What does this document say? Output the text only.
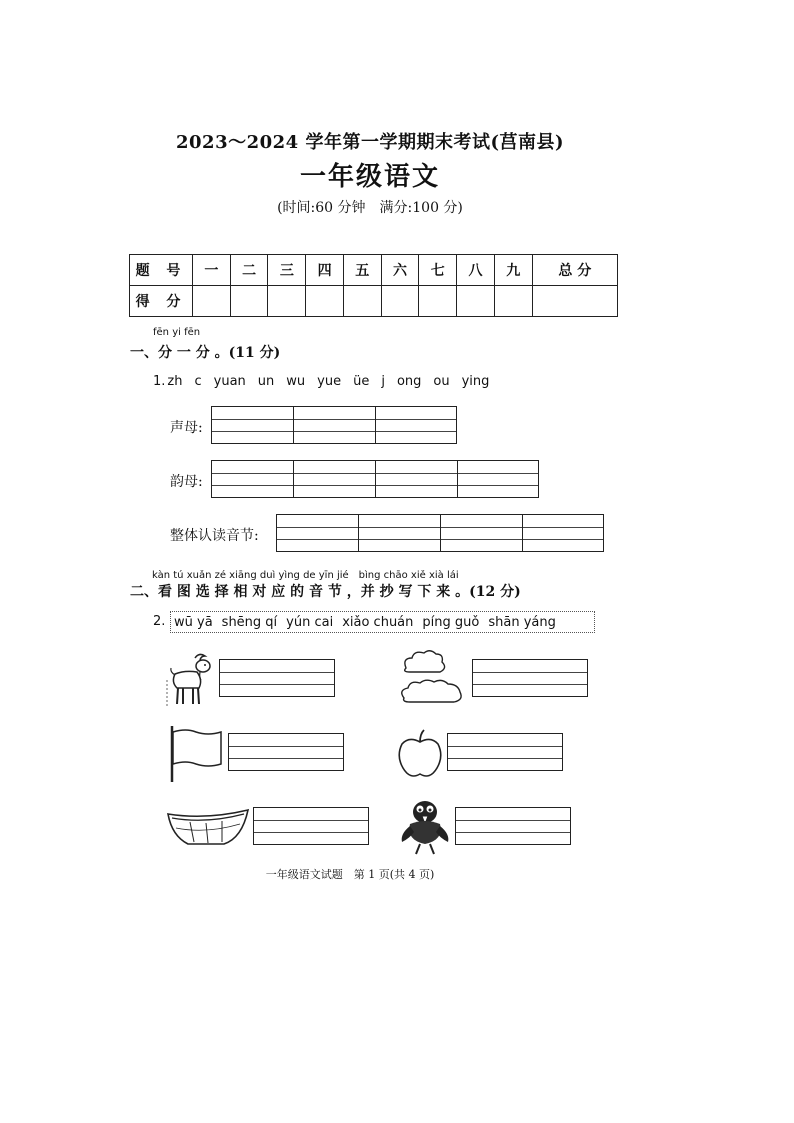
2023～2024 学年第一学期期末考试(莒南县)
一年级语文
(时间:60 分钟　满分:100 分)
题 号	一	二	三	四	五	六	七	八	九	总 分
得 分										
fēn yi fēn
一、分 一 分 。(11 分)
1. zh c yuan un wu yue üe j ong ou ying
声母:
韵母:
整体认读音节:
kàn tú xuǎn zé xiāng duì yìng de yīn jié　bìng chāo xiě xià lái
二、看 图 选 择 相 对 应 的 音 节 ，并 抄 写 下 来 。(12 分)
2. wū yā shēng qí yún cai xiǎo chuán píng guǒ shān yáng
一年级语文试题　第 1 页(共 4 页)
